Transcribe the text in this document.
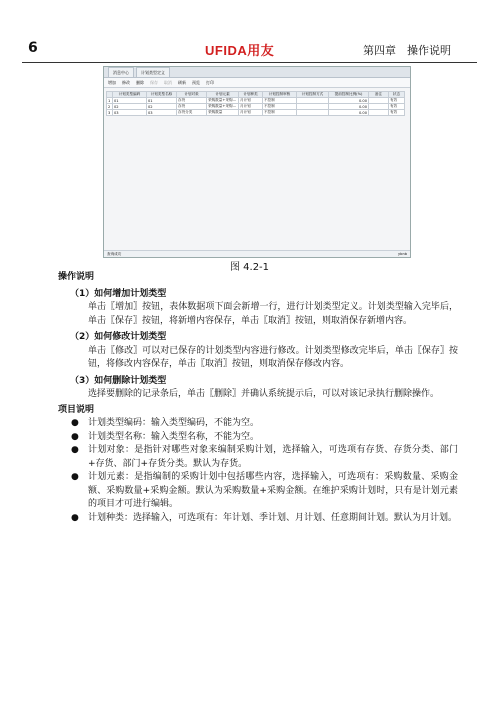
6	UFIDA用友	第四章　操作说明
消息中心	计划类型定义
增加 修改 删除 保存 取消 刷新 预览 打印
	计划类型编码	计划类型名称	计划对象	计划元素	计划种类	计划控制审核	计划控制方式	提前控制比例(%)	备注	状态
1	01	01	存货	采购数量+采购…	月计划	不控制		0.00		有效
2	02	02	存货	采购数量+采购…	月计划	不控制		0.00		有效
3	03	03	存货分类	采购数量	月计划	不控制		0.00		有效
查询成功	ybnb
图 4.2-1

操作说明

（1）如何增加计划类型

单击〖增加〗按钮，表体数据项下面会新增一行，进行计划类型定义。计划类型输入完毕后，单击〖保存〗按钮，将新增内容保存，单击〖取消〗按钮，则取消保存新增内容。

（2）如何修改计划类型

单击〖修改〗可以对已保存的计划类型内容进行修改。计划类型修改完毕后，单击〖保存〗按钮，将修改内容保存，单击〖取消〗按钮，则取消保存修改内容。

（3）如何删除计划类型

选择要删除的记录条后，单击〖删除〗并确认系统提示后，可以对该记录执行删除操作。

项目说明

● 计划类型编码：输入类型编码，不能为空。
● 计划类型名称：输入类型名称，不能为空。
● 计划对象：是指针对哪些对象来编制采购计划，选择输入，可选项有存货、存货分类、部门+存货、部门+存货分类。默认为存货。
● 计划元素：是指编制的采购计划中包括哪些内容，选择输入，可选项有：采购数量、采购金额、采购数量+采购金额。默认为采购数量+采购金额。在维护采购计划时，只有是计划元素的项目才可进行编辑。
● 计划种类：选择输入，可选项有：年计划、季计划、月计划、任意期间计划。默认为月计划。
